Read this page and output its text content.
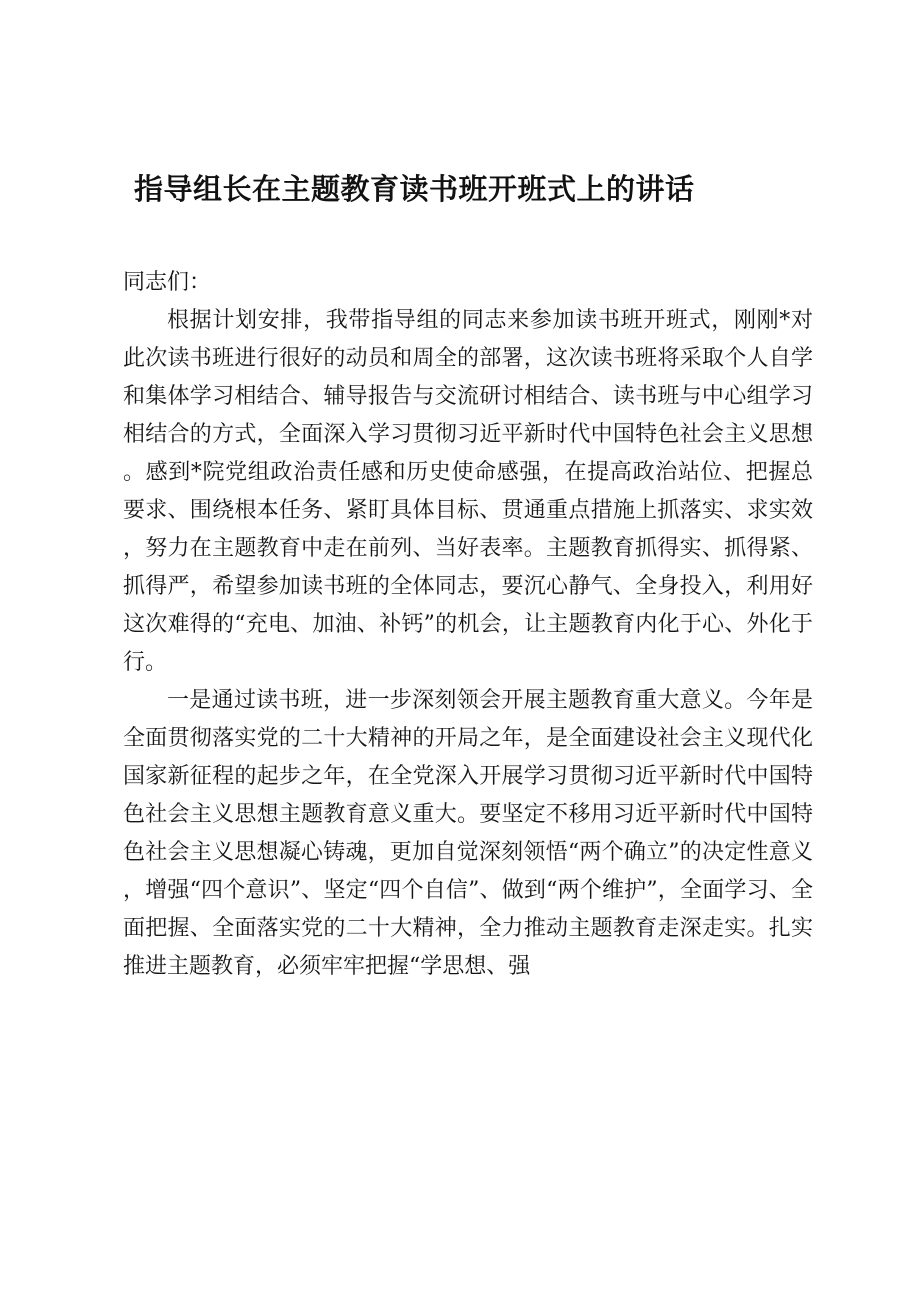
指导组长在主题教育读书班开班式上的讲话

同志们：

根据计划安排，我带指导组的同志来参加读书班开班式，刚刚*对此次读书班进行很好的动员和周全的部署，这次读书班将采取个人自学和集体学习相结合、辅导报告与交流研讨相结合、读书班与中心组学习相结合的方式，全面深入学习贯彻习近平新时代中国特色社会主义思想。感到*院党组政治责任感和历史使命感强，在提高政治站位、把握总要求、围绕根本任务、紧盯具体目标、贯通重点措施上抓落实、求实效，努力在主题教育中走在前列、当好表率。主题教育抓得实、抓得紧、抓得严，希望参加读书班的全体同志，要沉心静气、全身投入，利用好这次难得的“充电、加油、补钙”的机会，让主题教育内化于心、外化于行。

一是通过读书班，进一步深刻领会开展主题教育重大意义。今年是全面贯彻落实党的二十大精神的开局之年，是全面建设社会主义现代化国家新征程的起步之年，在全党深入开展学习贯彻习近平新时代中国特色社会主义思想主题教育意义重大。要坚定不移用习近平新时代中国特色社会主义思想凝心铸魂，更加自觉深刻领悟“两个确立”的决定性意义，增强“四个意识”、坚定“四个自信”、做到“两个维护”，全面学习、全面把握、全面落实党的二十大精神，全力推动主题教育走深走实。扎实推进主题教育，必须牢牢把握“学思想、强
